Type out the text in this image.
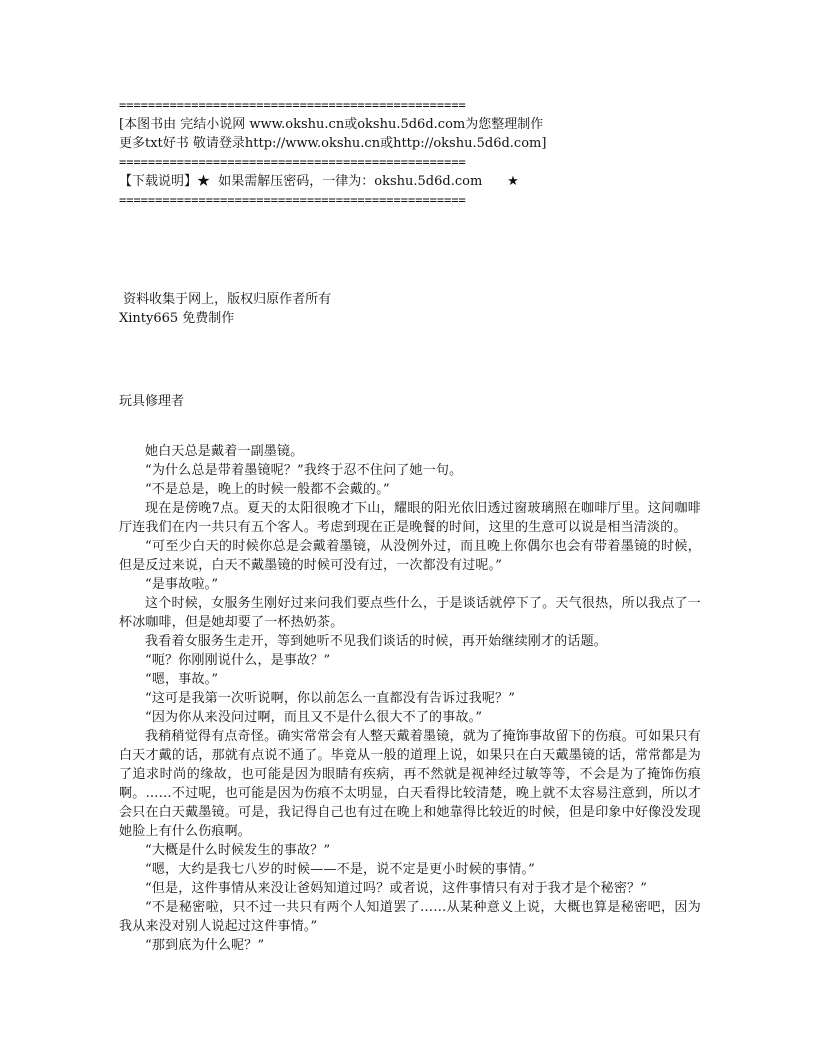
================================================
[本图书由 完结小说网 www.okshu.cn或okshu.5d6d.com为您整理制作
更多txt好书 敬请登录http://www.okshu.cn或http://okshu.5d6d.com]
================================================
【下载说明】★  如果需解压密码，一律为：okshu.5d6d.com      ★
================================================
资料收集于网上，版权归原作者所有
Xinty665 免费制作
玩具修理者

她白天总是戴着一副墨镜。

“为什么总是带着墨镜呢？”我终于忍不住问了她一句。

“不是总是，晚上的时候一般都不会戴的。”

现在是傍晚7点。夏天的太阳很晚才下山，耀眼的阳光依旧透过窗玻璃照在咖啡厅里。这间咖啡厅连我们在内一共只有五个客人。考虑到现在正是晚餐的时间，这里的生意可以说是相当清淡的。

“可至少白天的时候你总是会戴着墨镜，从没例外过，而且晚上你偶尔也会有带着墨镜的时候，但是反过来说，白天不戴墨镜的时候可没有过，一次都没有过呢。”

“是事故啦。”

这个时候，女服务生刚好过来问我们要点些什么，于是谈话就停下了。天气很热，所以我点了一杯冰咖啡，但是她却要了一杯热奶茶。

我看着女服务生走开，等到她听不见我们谈话的时候，再开始继续刚才的话题。

“呃？你刚刚说什么，是事故？”

“嗯，事故。”

“这可是我第一次听说啊，你以前怎么一直都没有告诉过我呢？”

“因为你从来没问过啊，而且又不是什么很大不了的事故。”

我稍稍觉得有点奇怪。确实常常会有人整天戴着墨镜，就为了掩饰事故留下的伤痕。可如果只有白天才戴的话，那就有点说不通了。毕竟从一般的道理上说，如果只在白天戴墨镜的话，常常都是为了追求时尚的缘故，也可能是因为眼睛有疾病，再不然就是视神经过敏等等，不会是为了掩饰伤痕啊。……不过呢，也可能是因为伤痕不太明显，白天看得比较清楚，晚上就不太容易注意到，所以才会只在白天戴墨镜。可是，我记得自己也有过在晚上和她靠得比较近的时候，但是印象中好像没发现她脸上有什么伤痕啊。

“大概是什么时候发生的事故？”

“嗯，大约是我七八岁的时候——不是，说不定是更小时候的事情。”

“但是，这件事情从来没让爸妈知道过吗？或者说，这件事情只有对于我才是个秘密？”

“不是秘密啦，只不过一共只有两个人知道罢了……从某种意义上说，大概也算是秘密吧，因为我从来没对别人说起过这件事情。”

“那到底为什么呢？”
